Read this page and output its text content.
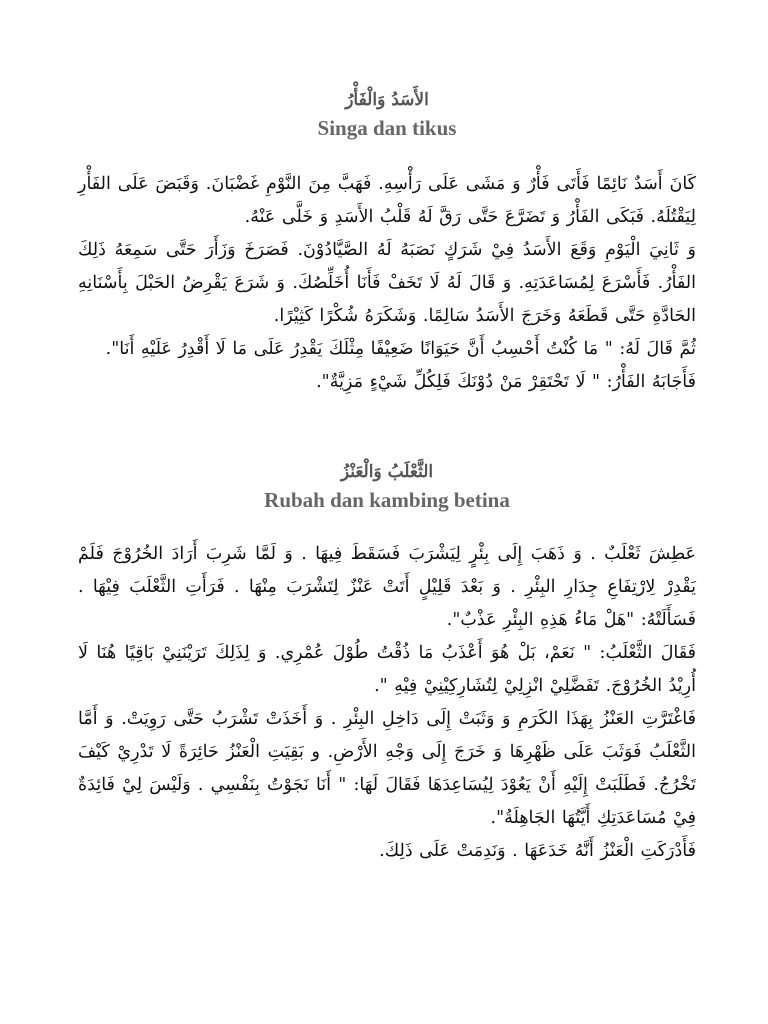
الأَسَدُ وَالْفَأْرُ
Singa dan tikus

كَانَ أَسَدٌ نَائِمًا فَأَتَى فَأْرٌ وَ مَشَى عَلَى رَأْسِهِ. فَهَبَّ مِنَ النَّوْمِ غَضْبَانَ. وَقَبَضَ عَلَى الفَأْرِ لِيَقْتُلَهُ. فَبَكَى الفَأْرُ وَ تَضَرَّعَ حَتَّى رَقَّ لَهُ قَلْبُ الأَسَدِ وَ خَلَّى عَنْهُ.

وَ ثَانِيَ الْيَوْمِ وَقَعَ الأَسَدُ فِيْ شَرَكٍ نَصَبَهُ لَهُ الصَّيَّادُوْنَ. فَصَرَخَ وَزَأَرَ حَتَّى سَمِعَهُ ذَلِكَ الفَأْرُ. فَأَسْرَعَ لِمُسَاعَدَتِهِ. وَ قَالَ لَهُ لَا تَخَفْ فَأَنَا أُخَلِّصُكَ. وَ شَرَعَ يَقْرِضُ الحَبْلَ بِأَسْنَانِهِ الحَادَّةِ حَتَّى قَطَعَهُ وَخَرَجَ الأَسَدُ سَالِمًا. وَشَكَرَهُ شُكْرًا كَثِيْرًا.

ثُمَّ قَالَ لَهُ: " مَا كُنْتُ أَحْسِبُ أَنَّ حَيَوَانًا ضَعِيْفًا مِثْلَكَ يَقْدِرُ عَلَى مَا لَا أَقْدِرُ عَلَيْهِ أَنَا".

فَأَجَابَهُ الفَأْرُ: " لَا تَحْتَقِرْ مَنْ دُوْنَكَ فَلِكُلِّ شَيْءٍ مَزِيَّةٌ".

الثَّعْلَبُ وَالْعَنْزُ
Rubah dan kambing betina

عَطِشَ ثَعْلَبٌ . وَ ذَهَبَ إِلَى بِئْرٍ لِيَشْرَبَ فَسَقَطَ فِيهَا . وَ لَمَّا شَرِبَ أَرَادَ الخُرُوْجَ فَلَمْ يَقْدِرْ لِارْتِفَاعِ جِدَارِ البِئْرِ . وَ بَعْدَ قَلِيْلٍ أَتَتْ عَنْزٌ لِتَشْرَبَ مِنْهَا . فَرَأَتِ الثَّعْلَبَ فِيْهَا . فَسَأَلَتْهُ: "هَلْ مَاءُ هَذِهِ البِئْرِ عَذْبٌ".

فَقَالَ الثَّعْلَبُ: " نَعَمْ، بَلْ هُوَ أَعْذَبُ مَا ذُقْتُ طُوْلَ عُمْرِي. وَ لِذَلِكَ تَرَيْنَنِيْ بَاقِيًا هُنَا لَا أُرِيْدُ الخُرُوْجَ. تَفَضَّلِيْ انْزِلِيْ لِتُشَارِكِيْنِيْ فِيْهِ ".

فَاغْتَرَّتِ العَنْزُ بِهَذَا الكَرَمِ وَ وَثَبَتْ إِلَى دَاخِلِ البِئْرِ . وَ أَخَذَتْ تَشْرَبُ حَتَّى رَوِيَتْ. وَ أَمَّا الثَّعْلَبُ فَوَثَبَ عَلَى ظَهْرِهَا وَ خَرَجَ إِلَى وَجْهِ الأَرْضِ. و بَقِيَتِ الْعَنْزُ حَائِرَةً لَا تَدْرِيْ كَيْفَ تَخْرُجُ. فَطَلَبَتْ إِلَيْهِ أَنْ يَعُوْدَ لِيُسَاعِدَهَا فَقَالَ لَهَا: " أَنَا نَجَوْتُ بِنَفْسِي . وَلَيْسَ لِيْ فَائِدَةٌ فِيْ مُسَاعَدَتِكِ أَيَّتُهَا الجَاهِلَةُ".

فَأَدْرَكَتِ الْعَنْزُ أَنَّهُ خَدَعَهَا . وَنَدِمَتْ عَلَى ذَلِكَ.
